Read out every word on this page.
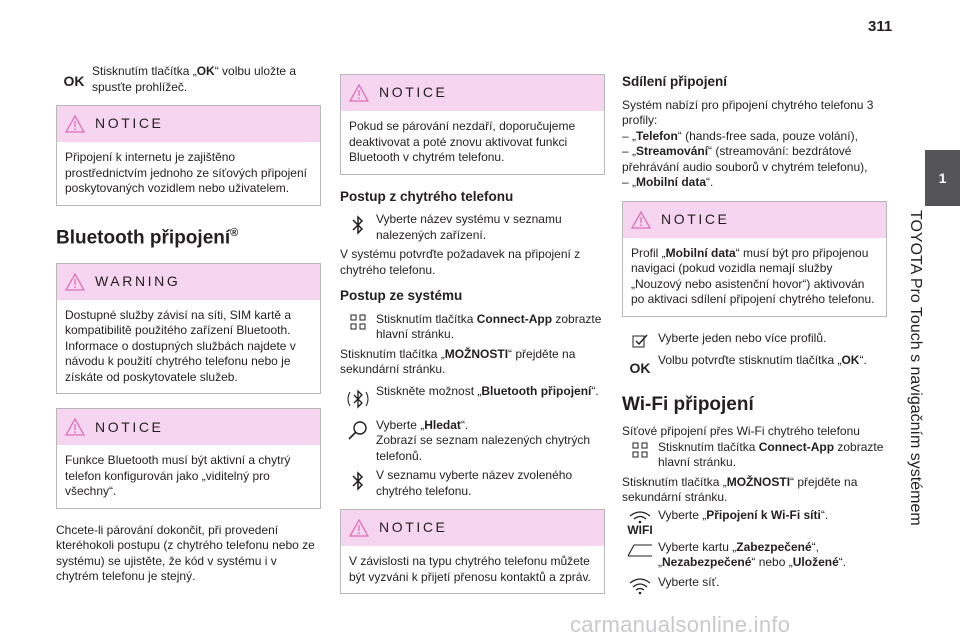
311
1
TOYOTA Pro Touch s navigačním systémem
OK
Stisknutím tlačítka „OK“ volbu uložte a spusťte prohlížeč.
NOTICE
Připojení k internetu je zajištěno prostřednictvím jednoho ze síťových připojení poskytovaných vozidlem nebo uživatelem.
Bluetooth připojení®
WARNING
Dostupné služby závisí na síti, SIM kartě a kompatibilitě použitého zařízení Bluetooth. Informace o dostupných službách najdete v návodu k použití chytrého telefonu nebo je získáte od poskytovatele služeb.
NOTICE
Funkce Bluetooth musí být aktivní a chytrý telefon konfigurován jako „viditelný pro všechny“.

Chcete-li párování dokončit, při provedení kteréhokoli postupu (z chytrého telefonu nebo ze systému) se ujistěte, že kód v systému i v chytrém telefonu je stejný.

NOTICE
Pokud se párování nezdaří, doporučujeme deaktivovat a poté znovu aktivovat funkci Bluetooth v chytrém telefonu.
Postup z chytrého telefonu
Vyberte název systému v seznamu nalezených zařízení.

V systému potvrďte požadavek na připojení z chytrého telefonu.

Postup ze systému
Stisknutím tlačítka Connect-App zobrazte hlavní stránku.

Stisknutím tlačítka „MOŽNOSTI“ přejděte na sekundární stránku.

Stiskněte možnost „Bluetooth připojení“.
Vyberte „Hledat“.
Zobrazí se seznam nalezených chytrých telefonů.
V seznamu vyberte název zvoleného chytrého telefonu.
NOTICE
V závislosti na typu chytrého telefonu můžete být vyzváni k přijetí přenosu kontaktů a zpráv.
Sdílení připojení

Systém nabízí pro připojení chytrého telefonu 3 profily:

– „Telefon“ (hands-free sada, pouze volání),
– „Streamování“ (streamování: bezdrátové přehrávání audio souborů v chytrém telefonu),
– „Mobilní data“.
NOTICE
Profil „Mobilní data“ musí být pro připojenou navigaci (pokud vozidla nemají služby „Nouzový nebo asistenční hovor“) aktivován po aktivaci sdílení připojení chytrého telefonu.
Vyberte jeden nebo více profilů.
OK Volbu potvrďte stisknutím tlačítka „OK“.
Wi-Fi připojení

Síťové připojení přes Wi-Fi chytrého telefonu

Stisknutím tlačítka Connect-App zobrazte hlavní stránku.

Stisknutím tlačítka „MOŽNOSTI“ přejděte na sekundární stránku.

WIFI
Vyberte „Připojení k Wi-Fi síti“.
Vyberte kartu „Zabezpečené“, „Nezabezpečené“ nebo „Uložené“.
Vyberte síť.
carmanualsonline.info
